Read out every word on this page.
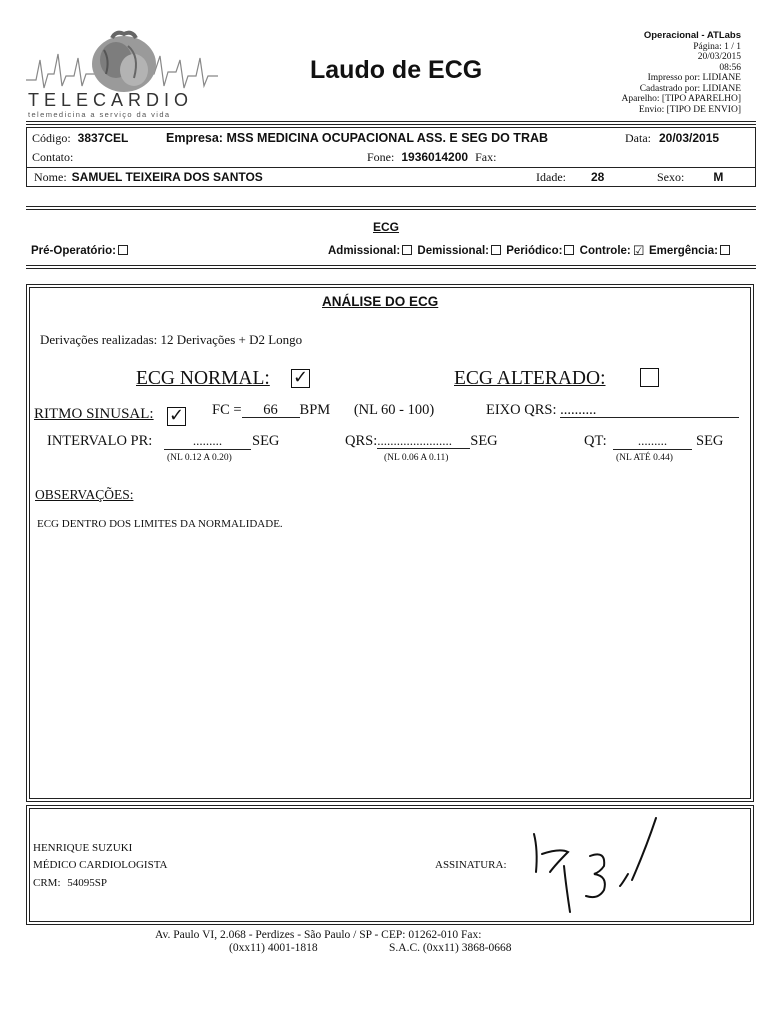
TELECARDIO
telemedicina a serviço da vida
Laudo de ECG
Operacional - ATLabs
Página: 1 / 1
20/03/2015
08:56
Impresso por: LIDIANE
Cadastrado por: LIDIANE
Aparelho: [TIPO APARELHO]
Envio: [TIPO DE ENVIO]
Código: 3837CEL	Empresa: MSS MEDICINA OCUPACIONAL ASS. E SEG DO TRAB	Data: 20/03/2015
Contato:	Fone: 1936014200 Fax:
Nome: SAMUEL TEIXEIRA DOS SANTOS	Idade: 28	Sexo: M
ECG
Pré-Operatório:	Admissional: Demissional: Periódico: Controle: ☑ Emergência:
ANÁLISE DO ECG
Derivações realizadas: 12 Derivações + D2 Longo
ECG NORMAL: ✓	ECG ALTERADO:
RITMO SINUSAL: ✓ FC = 66 BPM (NL 60 - 100)	EIXO QRS: ..........
INTERVALO PR:	.........	SEG
(NL 0.12 A 0.20)
QRS:....................... SEG
(NL 0.06 A 0.11)
QT:	.........	SEG
(NL ATÉ 0.44)
OBSERVAÇÕES:
ECG DENTRO DOS LIMITES DA NORMALIDADE.
HENRIQUE SUZUKI
MÉDICO CARDIOLOGISTA
CRM: 54095SP
ASSINATURA:
Av. Paulo VI, 2.068 - Perdizes - São Paulo / SP - CEP: 01262-010 Fax:
(0xx11) 4001-1818	S.A.C. (0xx11) 3868-0668
